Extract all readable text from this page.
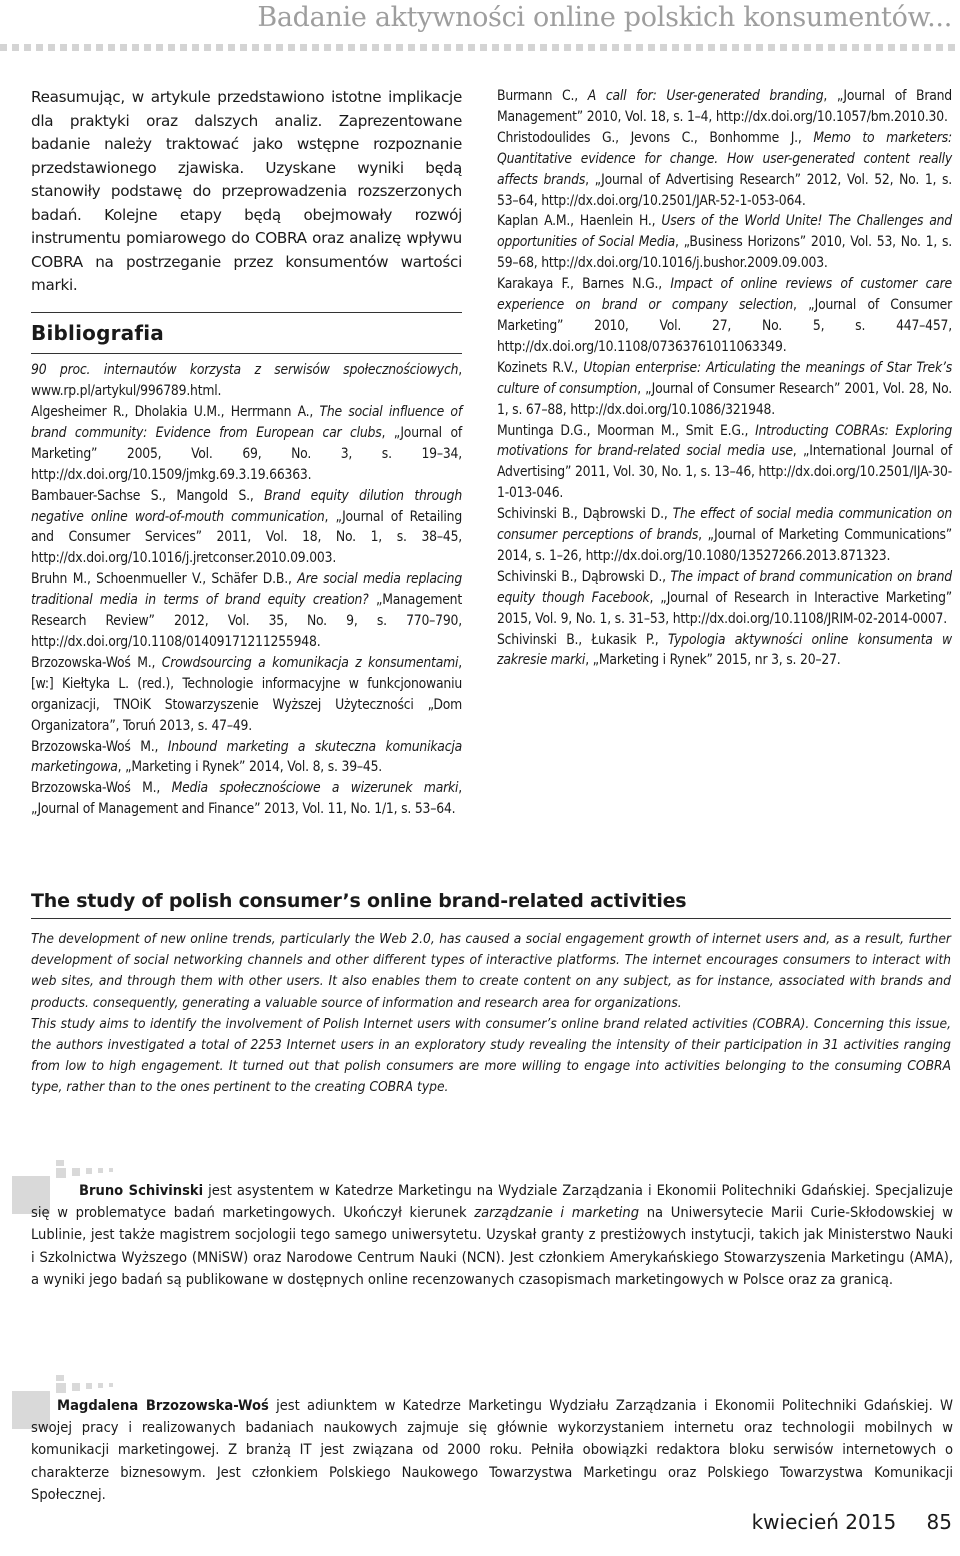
Badanie aktywności online polskich konsumentów...

Reasumując, w artykule przedstawiono istotne implikacje dla praktyki oraz dalszych analiz. Zaprezentowane badanie należy traktować jako wstępne rozpoznanie przedstawionego zjawiska. Uzyskane wyniki będą stanowiły podstawę do przeprowadzenia rozszerzonych badań. Kolejne etapy będą obejmowały rozwój instrumentu pomiarowego do COBRA oraz analizę wpływu COBRA na postrzeganie przez konsumentów wartości marki.

Bibliografia

90 proc. internautów korzysta z serwisów społecznościowych, www.rp.pl/artykul/996789.html.

Algesheimer R., Dholakia U.M., Herrmann A., The social influence of brand community: Evidence from European car clubs, „Journal of Marketing” 2005, Vol. 69, No. 3, s. 19–34, http://dx.doi.org/10.1509/jmkg.69.3.19.66363.

Bambauer-Sachse S., Mangold S., Brand equity dilution through negative online word-of-mouth communication, „Journal of Retailing and Consumer Services” 2011, Vol. 18, No. 1, s. 38–45, http://dx.doi.org/10.1016/j.jretconser.2010.09.003.

Bruhn M., Schoenmueller V., Schäfer D.B., Are social media replacing traditional media in terms of brand equity creation? „Management Research Review” 2012, Vol. 35, No. 9, s. 770–790, http://dx.doi.org/10.1108/01409171211255948.

Brzozowska-Woś M., Crowdsourcing a komunikacja z konsumentami, [w:] Kiełtyka L. (red.), Technologie informacyjne w funkcjonowaniu organizacji, TNOiK Stowarzyszenie Wyższej Użyteczności „Dom Organizatora”, Toruń 2013, s. 47–49.

Brzozowska-Woś M., Inbound marketing a skuteczna komunikacja marketingowa, „Marketing i Rynek” 2014, Vol. 8, s. 39–45.

Brzozowska-Woś M., Media społecznościowe a wizerunek marki, „Journal of Management and Finance” 2013, Vol. 11, No. 1/1, s. 53–64.

Burmann C., A call for: User-generated branding, „Journal of Brand Management” 2010, Vol. 18, s. 1–4, http://dx.doi.org/10.1057/bm.2010.30.

Christodoulides G., Jevons C., Bonhomme J., Memo to marketers: Quantitative evidence for change. How user-generated content really affects brands, „Journal of Advertising Research” 2012, Vol. 52, No. 1, s. 53–64, http://dx.doi.org/10.2501/JAR-52-1-053-064.

Kaplan A.M., Haenlein H., Users of the World Unite! The Challenges and opportunities of Social Media, „Business Horizons” 2010, Vol. 53, No. 1, s. 59–68, http://dx.doi.org/10.1016/j.bushor.2009.09.003.

Karakaya F., Barnes N.G., Impact of online reviews of customer care experience on brand or company selection, „Journal of Consumer Marketing” 2010, Vol. 27, No. 5, s. 447–457, http://dx.doi.org/10.1108/07363761011063349.

Kozinets R.V., Utopian enterprise: Articulating the meanings of Star Trek’s culture of consumption, „Journal of Consumer Research” 2001, Vol. 28, No. 1, s. 67–88, http://dx.doi.org/10.1086/321948.

Muntinga D.G., Moorman M., Smit E.G., Introducting COBRAs: Exploring motivations for brand-related social media use, „International Journal of Advertising” 2011, Vol. 30, No. 1, s. 13–46, http://dx.doi.org/10.2501/IJA-30-1-013-046.

Schivinski B., Dąbrowski D., The effect of social media communication on consumer perceptions of brands, „Journal of Marketing Communications” 2014, s. 1–26, http://dx.doi.org/10.1080/13527266.2013.871323.

Schivinski B., Dąbrowski D., The impact of brand communication on brand equity though Facebook, „Journal of Research in Interactive Marketing” 2015, Vol. 9, No. 1, s. 31–53, http://dx.doi.org/10.1108/JRIM-02-2014-0007.

Schivinski B., Łukasik P., Typologia aktywności online konsumenta w zakresie marki, „Marketing i Rynek” 2015, nr 3, s. 20–27.

The study of polish consumer’s online brand-related activities

The development of new online trends, particularly the Web 2.0, has caused a social engagement growth of internet users and, as a result, further development of social networking channels and other different types of interactive platforms. The internet encourages consumers to interact with web sites, and through them with other users. It also enables them to create content on any subject, as for instance, associated with brands and products. consequently, generating a valuable source of information and research area for organizations.

This study aims to identify the involvement of Polish Internet users with consumer’s online brand related activities (COBRA). Concerning this issue, the authors investigated a total of 2253 Internet users in an exploratory study revealing the intensity of their participation in 31 activities ranging from low to high engagement. It turned out that polish consumers are more willing to engage into activities belonging to the consuming COBRA type, rather than to the ones pertinent to the creating COBRA type.

Bruno Schivinski jest asystentem w Katedrze Marketingu na Wydziale Zarządzania i Ekonomii Politechniki Gdańskiej. Specjalizuje się w problematyce badań marketingowych. Ukończył kierunek zarządzanie i marketing na Uniwersytecie Marii Curie-Skłodowskiej w Lublinie, jest także magistrem socjologii tego samego uniwersytetu. Uzyskał granty z prestiżowych instytucji, takich jak Ministerstwo Nauki i Szkolnictwa Wyższego (MNiSW) oraz Narodowe Centrum Nauki (NCN). Jest członkiem Amerykańskiego Stowarzyszenia Marketingu (AMA), a wyniki jego badań są publikowane w dostępnych online recenzowanych czasopismach marketingowych w Polsce oraz za granicą.
Magdalena Brzozowska-Woś jest adiunktem w Katedrze Marketingu Wydziału Zarządzania i Ekonomii Politechniki Gdańskiej. W swojej pracy i realizowanych badaniach naukowych zajmuje się głównie wykorzystaniem internetu oraz technologii mobilnych w komunikacji marketingowej. Z branżą IT jest związana od 2000 roku. Pełniła obowiązki redaktora bloku serwisów internetowych o charakterze biznesowym. Jest członkiem Polskiego Naukowego Towarzystwa Marketingu oraz Polskiego Towarzystwa Komunikacji Społecznej.
kwiecień 2015 85
